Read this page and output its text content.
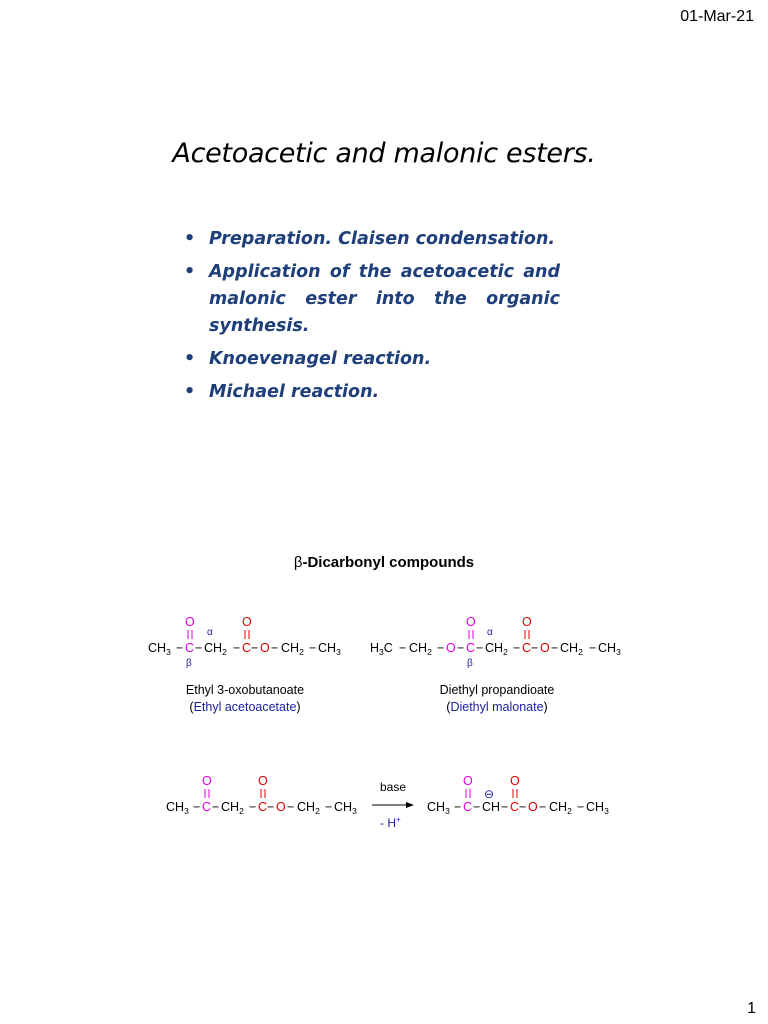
01-Mar-21
Acetoacetic and malonic esters.
• Preparation. Claisen condensation.
• Application of the acetoacetic and malonic ester into the organic synthesis.
• Knoevenagel reaction.
• Michael reaction.
β-Dicarbonyl compounds
$CH_3 - C - CH_2 - C - O - CH_2 - CH_3$
O	O
α
β
Ethyl 3-oxobutanoate
(Ethyl acetoacetate)
$H_3C - CH_2 - O - C - CH_2 - C - O - CH_2 - CH_3$
O	O
α
β
Diethyl propandioate
(Diethyl malonate)
$CH_3 - C - CH_2 - C - O - CH_2 - CH_3$
O	O	base
- H+
$CH_3 - C$ − CH − $C - O - CH_2 - CH_3$
O	O
⊖
1
